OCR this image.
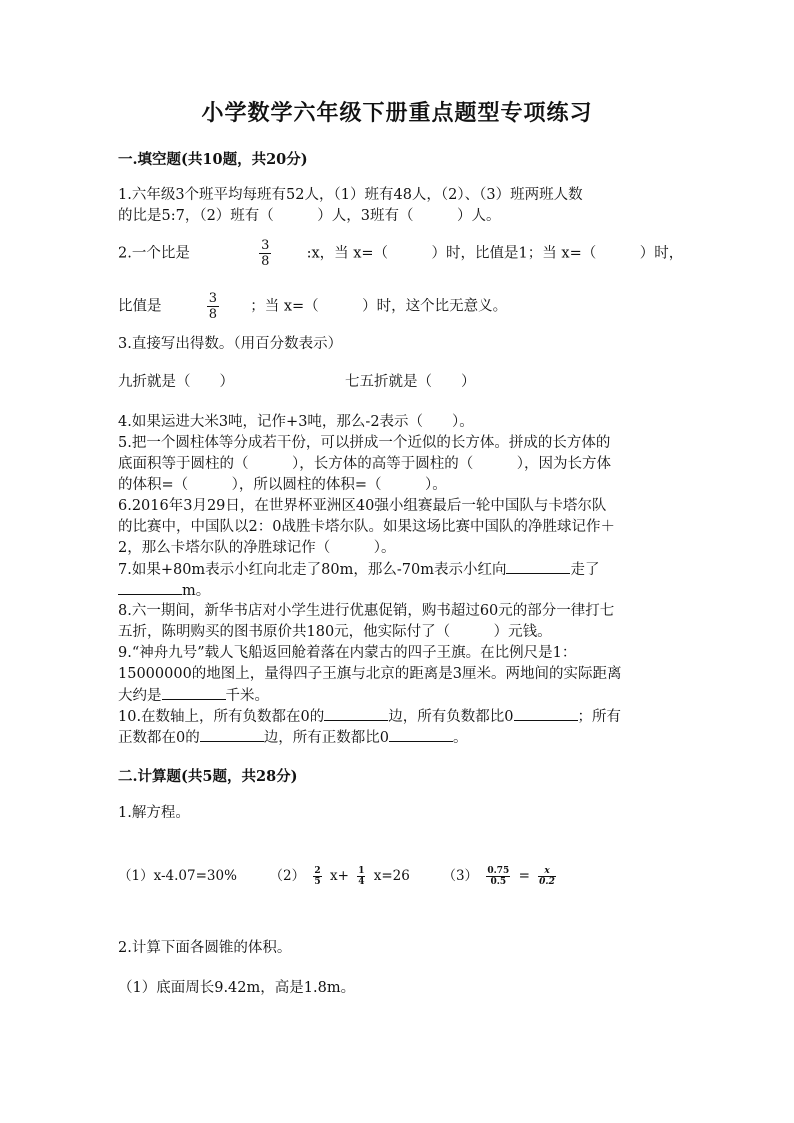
小学数学六年级下册重点题型专项练习
一.填空题(共10题，共20分)
1.六年级3个班平均每班有52人，（1）班有48人，（2）、（3）班两班人数
的比是5:7，（2）班有（　　　）人，3班有（　　　）人。
2.一个比是	$\frac{3}{8}$ :x，当 x=（　　　）时，比值是1；当 x=（　　　）时，
比值是	$\frac{3}{8}$ ；当 x=（　　　）时，这个比无意义。
3.直接写出得数。（用百分数表示）
九折就是（　　）	七五折就是（　　）
4.如果运进大米3吨，记作+3吨，那么-2表示（　　）。
5.把一个圆柱体等分成若干份，可以拼成一个近似的长方体。拼成的长方体的
底面积等于圆柱的（　　　），长方体的高等于圆柱的（　　　），因为长方体
的体积=（　　　），所以圆柱的体积=（　　　）。
6.2016年3月29日，在世界杯亚洲区40强小组赛最后一轮中国队与卡塔尔队
的比赛中，中国队以2：0战胜卡塔尔队。如果这场比赛中国队的净胜球记作＋
2，那么卡塔尔队的净胜球记作（　　　）。
7.如果+80m表示小红向北走了80m，那么-70m表示小红向	走了
m。
8.六一期间，新华书店对小学生进行优惠促销，购书超过60元的部分一律打七
五折，陈明购买的图书原价共180元，他实际付了（　　　）元钱。
9.“神舟九号”载人飞船返回舱着落在内蒙古的四子王旗。在比例尺是1：
15000000的地图上，量得四子王旗与北京的距离是3厘米。两地间的实际距离
大约是	千米。
10.在数轴上，所有负数都在0的	边，所有负数都比0	；所有
正数都在0的	边，所有正数都比0	。
二.计算题(共5题，共28分)
1.解方程。
（1）x-4.07=30% $(2) \frac{2}{5} x+ \frac{1}{4} x=26$ $(3) \frac{0.75}{0.5} = \frac{x}{0.2}$
2.计算下面各圆锥的体积。
（1）底面周长9.42m，高是1.8m。
